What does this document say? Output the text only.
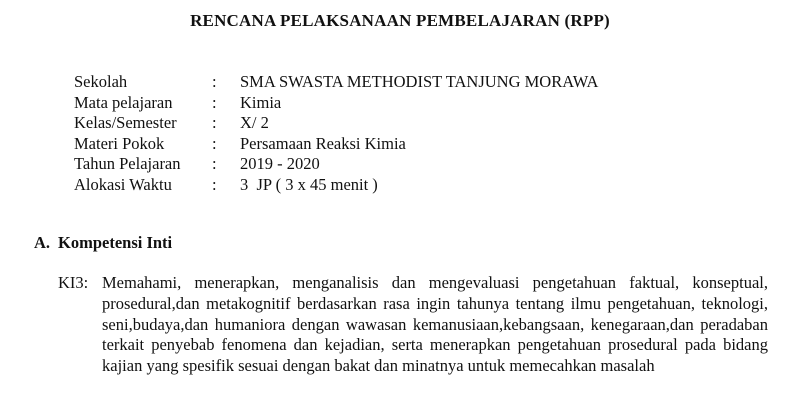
RENCANA PELAKSANAAN PEMBELAJARAN (RPP)
Sekolah	:	SMA SWASTA METHODIST TANJUNG MORAWA
Mata pelajaran	:	Kimia
Kelas/Semester	:	X/ 2
Materi Pokok	:	Persamaan Reaksi Kimia
Tahun Pelajaran	:	2019 - 2020
Alokasi Waktu	:	3  JP ( 3 x 45 menit )
A. Kompetensi Inti
KI3: Memahami, menerapkan, menganalisis dan mengevaluasi pengetahuan faktual, konseptual, prosedural,dan metakognitif berdasarkan rasa ingin tahunya tentang ilmu pengetahuan, teknologi, seni,budaya,dan humaniora dengan wawasan kemanusiaan,kebangsaan, kenegaraan,dan peradaban terkait penyebab fenomena dan kejadian, serta menerapkan pengetahuan prosedural pada bidang kajian yang spesifik sesuai dengan bakat dan minatnya untuk memecahkan masalah
